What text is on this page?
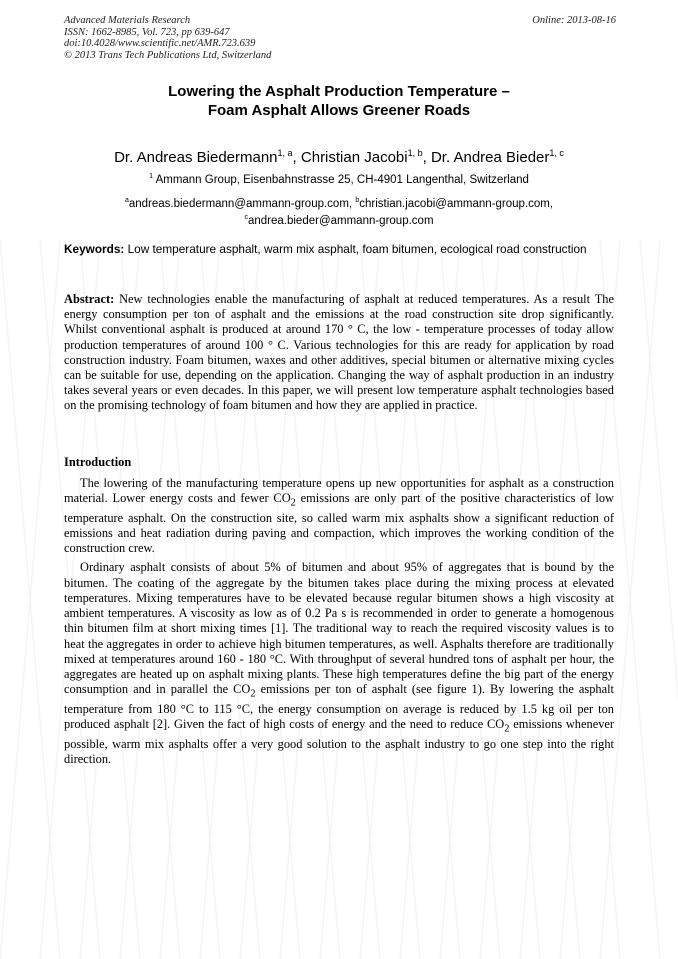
Advanced Materials Research
ISSN: 1662-8985, Vol. 723, pp 639-647
doi:10.4028/www.scientific.net/AMR.723.639
© 2013 Trans Tech Publications Ltd, Switzerland
Online: 2013-08-16
Lowering the Asphalt Production Temperature –
Foam Asphalt Allows Greener Roads
Dr. Andreas Biedermann$^{1, a}$, Christian Jacobi$^{1, b}$, Dr. Andrea Bieder$^{1, c}$
$^1$ Ammann Group, Eisenbahnstrasse 25, CH-4901 Langenthal, Switzerland
$^a$andreas.biedermann@ammann-group.com, $^b$christian.jacobi@ammann-group.com,
$^c$andrea.bieder@ammann-group.com
Keywords: Low temperature asphalt, warm mix asphalt, foam bitumen, ecological road construction
Abstract: New technologies enable the manufacturing of asphalt at reduced temperatures. As a result The energy consumption per ton of asphalt and the emissions at the road construction site drop significantly. Whilst conventional asphalt is produced at around 170 ° C, the low - temperature processes of today allow production temperatures of around 100 ° C. Various technologies for this are ready for application by road construction industry. Foam bitumen, waxes and other additives, special bitumen or alternative mixing cycles can be suitable for use, depending on the application. Changing the way of asphalt production in an industry takes several years or even decades. In this paper, we will present low temperature asphalt technologies based on the promising technology of foam bitumen and how they are applied in practice.
Introduction

The lowering of the manufacturing temperature opens up new opportunities for asphalt as a construction material. Lower energy costs and fewer $CO_2$ emissions are only part of the positive characteristics of low temperature asphalt. On the construction site, so called warm mix asphalts show a significant reduction of emissions and heat radiation during paving and compaction, which improves the working condition of the construction crew.

Ordinary asphalt consists of about 5% of bitumen and about 95% of aggregates that is bound by the bitumen. The coating of the aggregate by the bitumen takes place during the mixing process at elevated temperatures. Mixing temperatures have to be elevated because regular bitumen shows a high viscosity at ambient temperatures. A viscosity as low as of 0.2 Pa s is recommended in order to generate a homogenous thin bitumen film at short mixing times [1]. The traditional way to reach the required viscosity values is to heat the aggregates in order to achieve high bitumen temperatures, as well. Asphalts therefore are traditionally mixed at temperatures around 160 - 180 °C. With throughput of several hundred tons of asphalt per hour, the aggregates are heated up on asphalt mixing plants. These high temperatures define the big part of the energy consumption and in parallel the $CO_2$ emissions per ton of asphalt (see figure 1). By lowering the asphalt temperature from 180 °C to 115 °C, the energy consumption on average is reduced by 1.5 kg oil per ton produced asphalt [2]. Given the fact of high costs of energy and the need to reduce $CO_2$ emissions whenever possible, warm mix asphalts offer a very good solution to the asphalt industry to go one step into the right direction.
